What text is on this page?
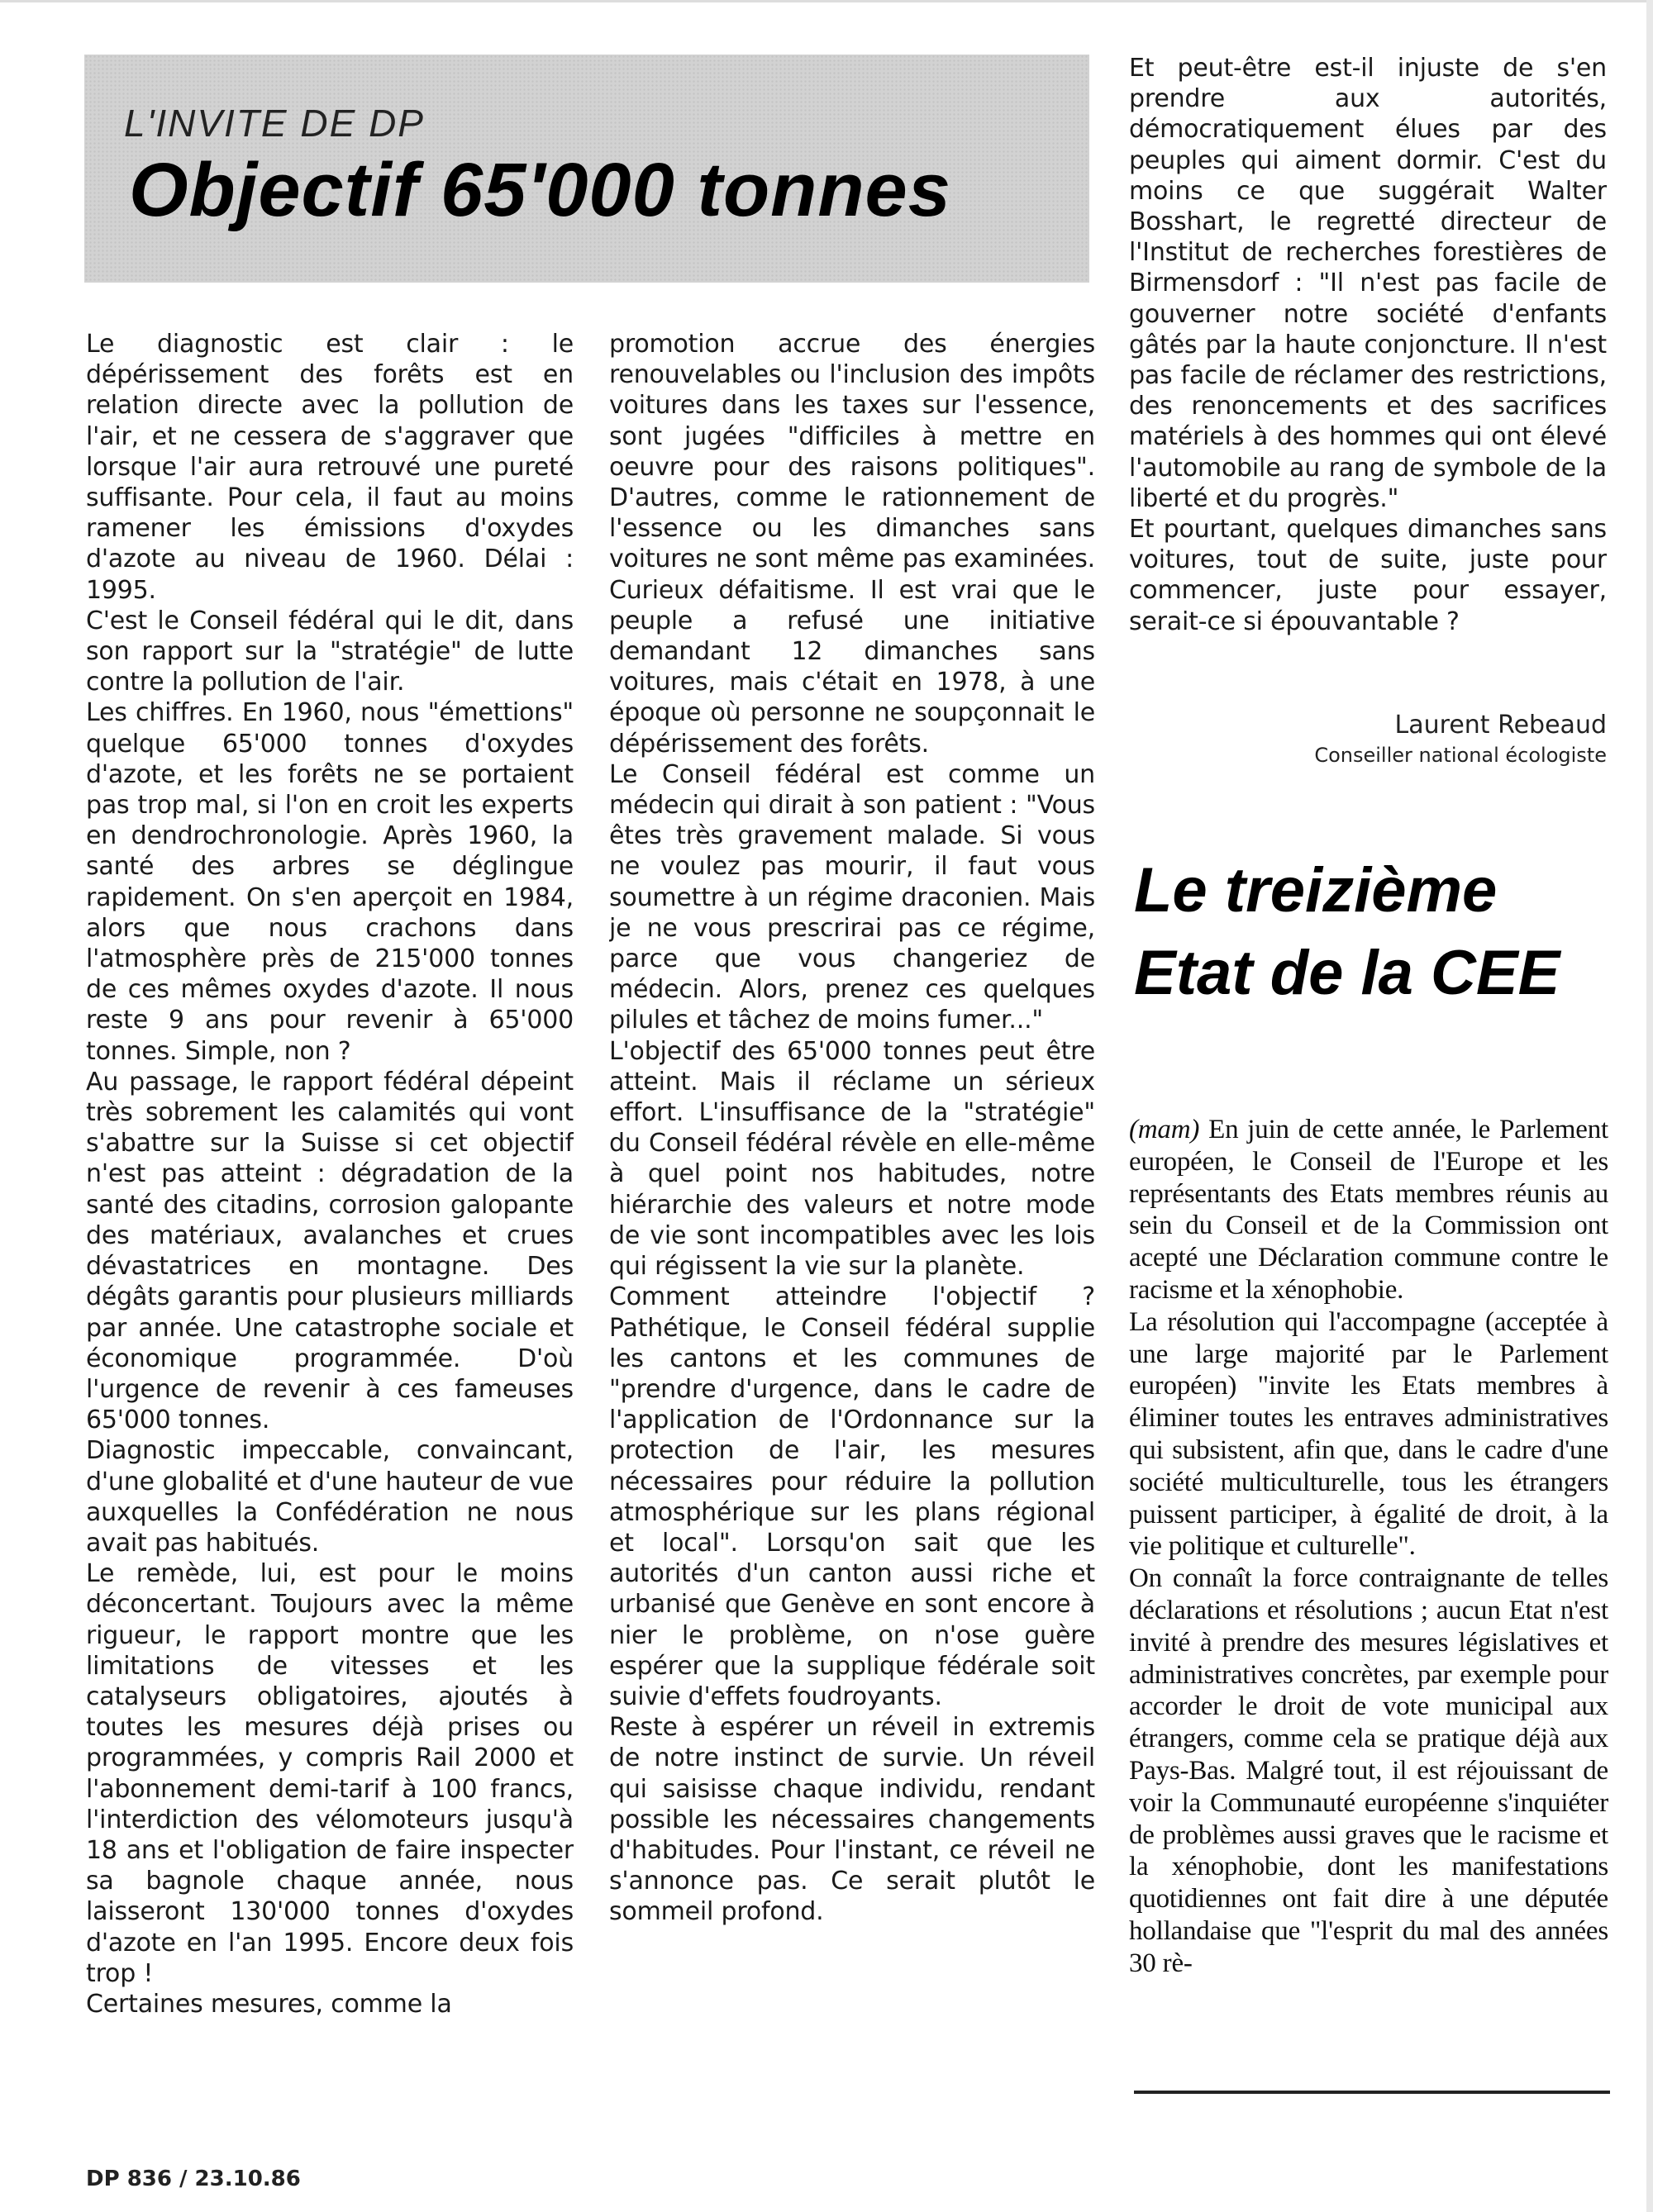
L'INVITE DE DP
Objectif 65'000 tonnes

Le diagnostic est clair : le dépérissement des forêts est en relation directe avec la pollution de l'air, et ne cessera de s'aggraver que lorsque l'air aura retrouvé une pureté suffisante. Pour cela, il faut au moins ramener les émissions d'oxydes d'azote au niveau de 1960. Délai : 1995.

C'est le Conseil fédéral qui le dit, dans son rapport sur la "stratégie" de lutte contre la pollution de l'air.

Les chiffres. En 1960, nous "émettions" quelque 65'000 tonnes d'oxydes d'azote, et les forêts ne se portaient pas trop mal, si l'on en croit les experts en dendrochronologie. Après 1960, la santé des arbres se déglingue rapidement. On s'en aperçoit en 1984, alors que nous crachons dans l'atmosphère près de 215'000 tonnes de ces mêmes oxydes d'azote. Il nous reste 9 ans pour revenir à 65'000 tonnes. Simple, non ?

Au passage, le rapport fédéral dépeint très sobrement les calamités qui vont s'abattre sur la Suisse si cet objectif n'est pas atteint : dégradation de la santé des citadins, corrosion galopante des matériaux, avalanches et crues dévastatrices en montagne. Des dégâts garantis pour plusieurs milliards par année. Une catastrophe sociale et économique programmée. D'où l'urgence de revenir à ces fameuses 65'000 tonnes.

Diagnostic impeccable, convaincant, d'une globalité et d'une hauteur de vue auxquelles la Confédération ne nous avait pas habitués.

Le remède, lui, est pour le moins déconcertant. Toujours avec la même rigueur, le rapport montre que les limitations de vitesses et les catalyseurs obligatoires, ajoutés à toutes les mesures déjà prises ou programmées, y compris Rail 2000 et l'abonnement demi-tarif à 100 francs, l'interdiction des vélomoteurs jusqu'à 18 ans et l'obligation de faire inspecter sa bagnole chaque année, nous laisseront 130'000 tonnes d'oxydes d'azote en l'an 1995. Encore deux fois trop !

Certaines mesures, comme la

promotion accrue des énergies renouvelables ou l'inclusion des impôts voitures dans les taxes sur l'essence, sont jugées "difficiles à mettre en oeuvre pour des raisons politiques". D'autres, comme le rationnement de l'essence ou les dimanches sans voitures ne sont même pas examinées. Curieux défaitisme. Il est vrai que le peuple a refusé une initiative demandant 12 dimanches sans voitures, mais c'était en 1978, à une époque où personne ne soupçonnait le dépérissement des forêts.

Le Conseil fédéral est comme un médecin qui dirait à son patient : "Vous êtes très gravement malade. Si vous ne voulez pas mourir, il faut vous soumettre à un régime draconien. Mais je ne vous prescrirai pas ce régime, parce que vous changeriez de médecin. Alors, prenez ces quelques pilules et tâchez de moins fumer..."

L'objectif des 65'000 tonnes peut être atteint. Mais il réclame un sérieux effort. L'insuffisance de la "stratégie" du Conseil fédéral révèle en elle-même à quel point nos habitudes, notre hiérarchie des valeurs et notre mode de vie sont incompatibles avec les lois qui régissent la vie sur la planète.

Comment atteindre l'objectif ? Pathétique, le Conseil fédéral supplie les cantons et les communes de "prendre d'urgence, dans le cadre de l'application de l'Ordonnance sur la protection de l'air, les mesures nécessaires pour réduire la pollution atmosphérique sur les plans régional et local". Lorsqu'on sait que les autorités d'un canton aussi riche et urbanisé que Genève en sont encore à nier le problème, on n'ose guère espérer que la supplique fédérale soit suivie d'effets foudroyants.

Reste à espérer un réveil in extremis de notre instinct de survie. Un réveil qui saisisse chaque individu, rendant possible les nécessaires changements d'habitudes. Pour l'instant, ce réveil ne s'annonce pas. Ce serait plutôt le sommeil profond.

Et peut-être est-il injuste de s'en prendre aux autorités, démocratiquement élues par des peuples qui aiment dormir. C'est du moins ce que suggérait Walter Bosshart, le regretté directeur de l'Institut de recherches forestières de Birmensdorf : "Il n'est pas facile de gouverner notre société d'enfants gâtés par la haute conjoncture. Il n'est pas facile de réclamer des restrictions, des renoncements et des sacrifices matériels à des hommes qui ont élevé l'automobile au rang de symbole de la liberté et du progrès."

Et pourtant, quelques dimanches sans voitures, tout de suite, juste pour commencer, juste pour essayer, serait-ce si épouvantable ?

Laurent Rebeaud
Conseiller national écologiste
Le treizième
Etat de la CEE

(mam) En juin de cette année, le Parlement européen, le Conseil de l'Europe et les représentants des Etats membres réunis au sein du Conseil et de la Commission ont acepté une Déclaration commune contre le racisme et la xénophobie.

La résolution qui l'accompagne (acceptée à une large majorité par le Parlement européen) "invite les Etats membres à éliminer toutes les entraves administratives qui subsistent, afin que, dans le cadre d'une société multiculturelle, tous les étrangers puissent participer, à égalité de droit, à la vie politique et culturelle".

On connaît la force contraignante de telles déclarations et résolutions ; aucun Etat n'est invité à prendre des mesures législatives et administratives concrètes, par exemple pour accorder le droit de vote municipal aux étrangers, comme cela se pratique déjà aux Pays-Bas. Malgré tout, il est réjouissant de voir la Communauté européenne s'inquiéter de problèmes aussi graves que le racisme et la xénophobie, dont les manifestations quotidiennes ont fait dire à une députée hollandaise que "l'esprit du mal des années 30 rè-

DP 836 / 23.10.86
